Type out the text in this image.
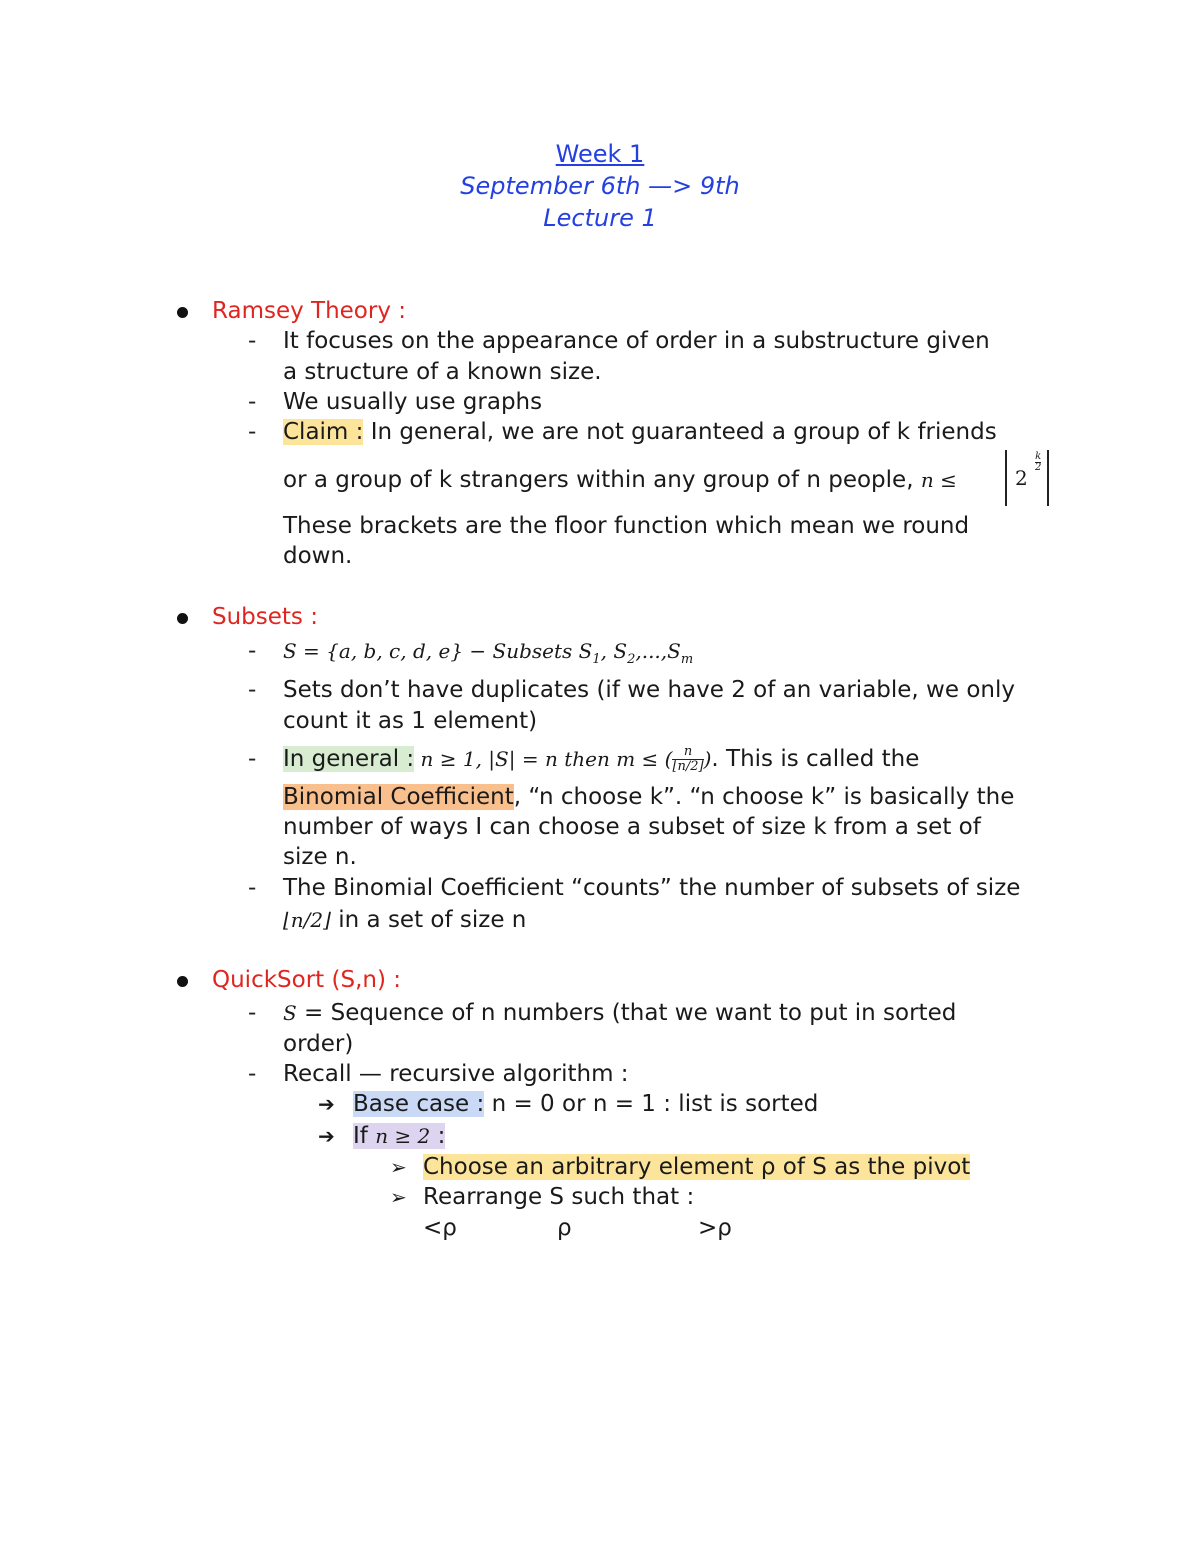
Week 1
September 6th —> 9th
Lecture 1
Ramsey Theory :
- It focuses on the appearance of order in a substructure given
a structure of a known size.
- We usually use graphs
- Claim : In general, we are not guaranteed a group of k friends
or a group of k strangers within any group of n people, n ≤	2
$\frac{k}{2}$
These brackets are the floor function which mean we round
down.
Subsets :
- S = {a, b, c, d, e} − Subsets $S_1$, $S_2,...,S_m$
- Sets don’t have duplicates (if we have 2 of an variable, we only
count it as 1 element)
- In general : n ≥ 1, |S| = n then m ≤ ( $\frac{n}{⌊n/2⌋}$ ). This is called the
Binomial Coefficient, “n choose k”. “n choose k” is basically the
number of ways I can choose a subset of size k from a set of
size n.
- The Binomial Coefficient “counts” the number of subsets of size
⌊n/2⌋ in a set of size n
QuickSort (S,n) :
- S = Sequence of n numbers (that we want to put in sorted
order)
- Recall — recursive algorithm :
➔ Base case : n = 0 or n = 1 : list is sorted
➔ If n ≥ 2 :
➢ Choose an arbitrary element ρ of S as the pivot
➢ Rearrange S such that :
<ρ	ρ	>ρ
